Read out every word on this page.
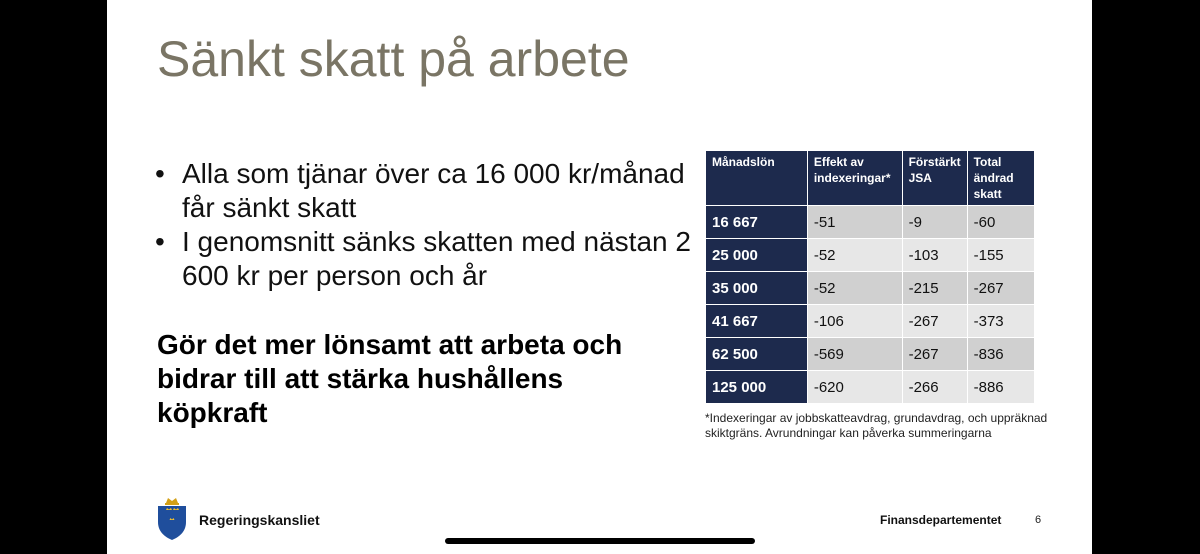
Sänkt skatt på arbete
• Alla som tjänar över ca 16 000 kr/månad får sänkt skatt
• I genomsnitt sänks skatten med nästan 2 600 kr per person och år

Gör det mer lönsamt att arbeta och bidrar till att stärka hushållens köpkraft

Månadslön	Effekt av indexeringar*	Förstärkt JSA	Total ändrad skatt
16 667	-51	-9	-60
25 000	-52	-103	-155
35 000	-52	-215	-267
41 667	-106	-267	-373
62 500	-569	-267	-836
125 000	-620	-266	-886

*Indexeringar av jobbskatteavdrag, grundavdrag, och uppräknad skiktgräns. Avrundningar kan påverka summeringarna

Regeringskansliet	Finansdepartementet	6
